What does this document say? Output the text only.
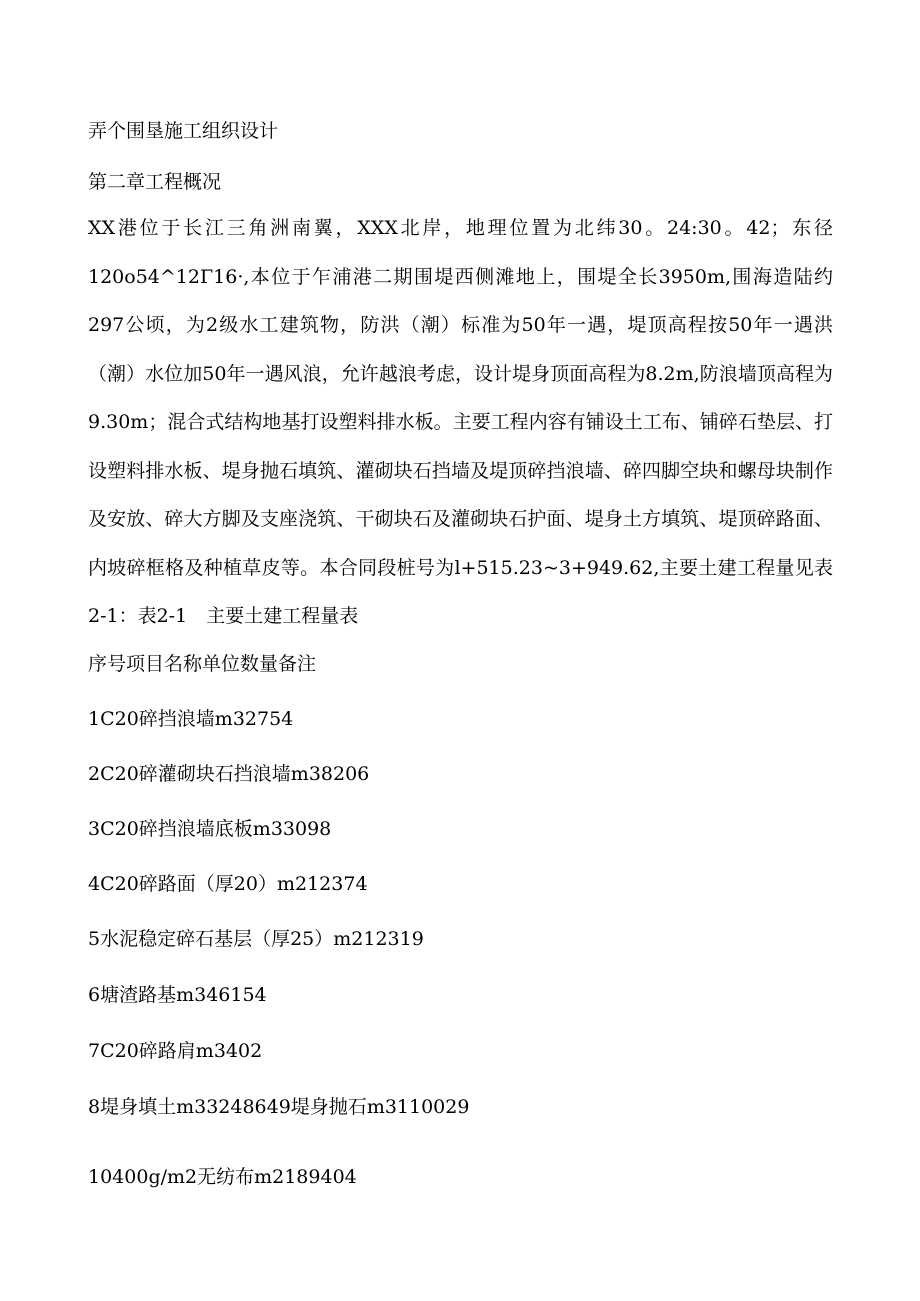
弄个围垦施工组织设计
第二章工程概况
XX港位于长江三角洲南翼，XXX北岸，地理位置为北纬30。24:30。42；东径120o54^12Γ16·,本位于乍浦港二期围堤西侧滩地上，围堤全长3950m,围海造陆约297公顷，为2级水工建筑物，防洪（潮）标准为50年一遇，堤顶高程按50年一遇洪（潮）水位加50年一遇风浪，允许越浪考虑，设计堤身顶面高程为8.2m,防浪墙顶高程为9.30m；混合式结构地基打设塑料排水板。主要工程内容有铺设土工布、铺碎石垫层、打设塑料排水板、堤身抛石填筑、灌砌块石挡墙及堤顶碎挡浪墙、碎四脚空块和螺母块制作及安放、碎大方脚及支座浇筑、干砌块石及灌砌块石护面、堤身土方填筑、堤顶碎路面、内坡碎框格及种植草皮等。本合同段桩号为l+515.23~3+949.62,主要土建工程量见表2-1：表2-1　主要土建工程量表
序号项目名称单位数量备注
1C20碎挡浪墙m32754
2C20碎灌砌块石挡浪墙m38206
3C20碎挡浪墙底板m33098
4C20碎路面（厚20）m212374
5水泥稳定碎石基层（厚25）m212319
6塘渣路基m346154
7C20碎路肩m3402
8堤身填土m33248649堤身抛石m3110029
10400g/m2无纺布m2189404
